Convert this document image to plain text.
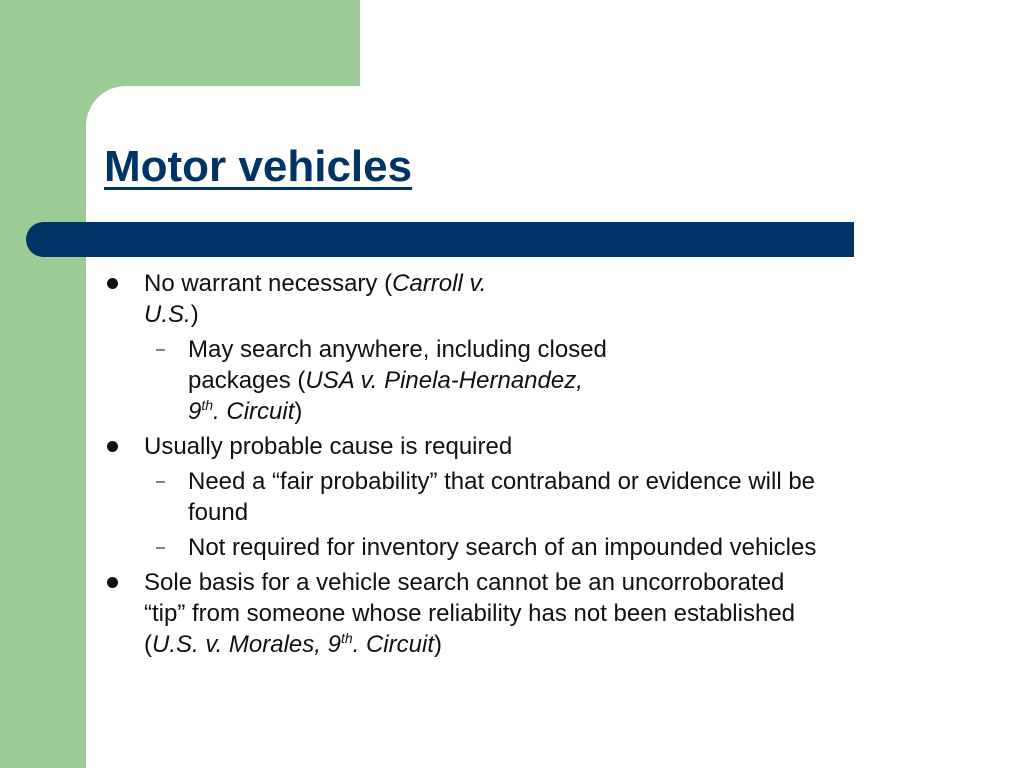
Motor vehicles
No warrant necessary (Carroll v.
U.S.)
– May search anywhere, including closed
packages (USA v. Pinela-Hernandez,
9th. Circuit)
Usually probable cause is required
– Need a “fair probability” that contraband or evidence will be
found
– Not required for inventory search of an impounded vehicles
Sole basis for a vehicle search cannot be an uncorroborated
“tip” from someone whose reliability has not been established
(U.S. v. Morales, 9th. Circuit)
